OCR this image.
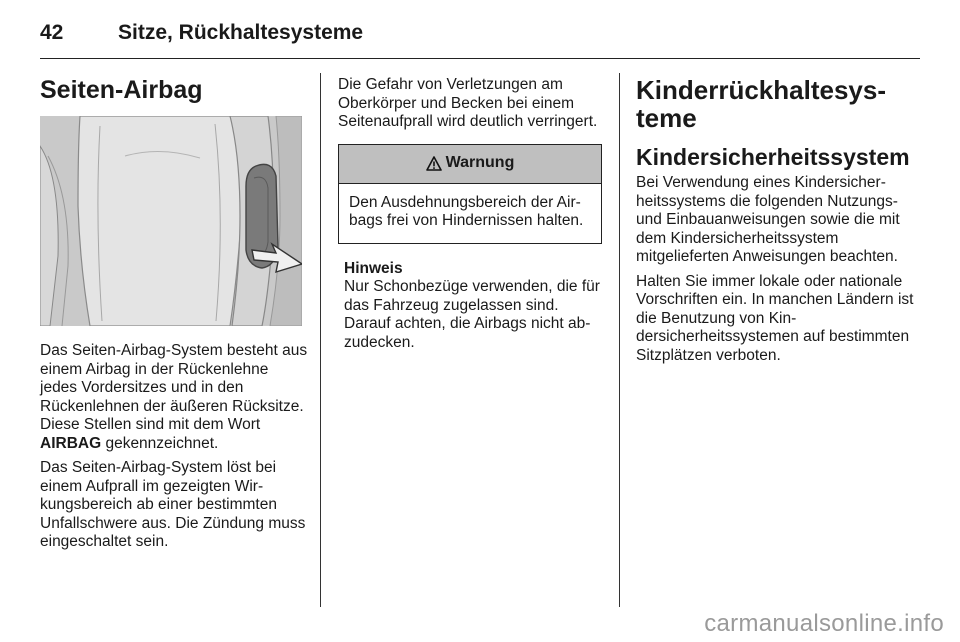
42	Sitze, Rückhaltesysteme
Seiten-Airbag

Das Seiten-Airbag-System besteht aus einem Airbag in der Rückenlehne jedes Vordersitzes und in den Rückenlehnen der äußeren Rücksitze. Diese Stellen sind mit dem Wort
AIRBAG gekennzeichnet.

Das Seiten-Airbag-System löst bei einem Aufprall im gezeigten Wirkungsbereich ab einer bestimmten Unfallschwere aus. Die Zündung muss eingeschaltet sein.

Die Gefahr von Verletzungen am Oberkörper und Becken bei einem Seitenaufprall wird deutlich verringert.

Warnung
Den Ausdehnungsbereich der Airbags frei von Hindernissen halten.
Hinweis
Nur Schonbezüge verwenden, die für das Fahrzeug zugelassen sind. Darauf achten, die Airbags nicht abzudecken.
Kinderrückhaltesysteme
Kindersicherheitssystem

Bei Verwendung eines Kindersicherheitssystems die folgenden Nutzungs- und Einbauanweisungen sowie die mit dem Kindersicherheitssystem mitgelieferten Anweisungen beachten.

Halten Sie immer lokale oder nationale Vorschriften ein. In manchen Ländern ist die Benutzung von Kindersicherheitssystemen auf bestimmten Sitzplätzen verboten.

carmanualsonline.info
